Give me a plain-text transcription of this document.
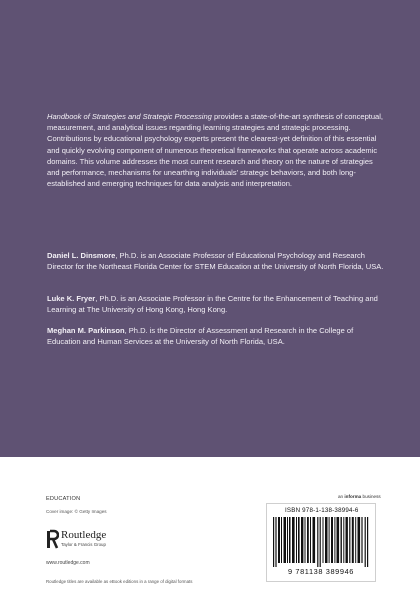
Handbook of Strategies and Strategic Processing provides a state-of-the-art synthesis of conceptual, measurement, and analytical issues regarding learning strategies and strategic processing. Contributions by educational psychology experts present the clearest-yet definition of this essential and quickly evolving component of numerous theoretical frameworks that operate across academic domains. This volume addresses the most current research and theory on the nature of strategies and performance, mechanisms for unearthing individuals’ strategic behaviors, and both long-established and emerging techniques for data analysis and interpretation.

Daniel L. Dinsmore, Ph.D. is an Associate Professor of Educational Psychology and Research Director for the Northeast Florida Center for STEM Education at the University of North Florida, USA.

Luke K. Fryer, Ph.D. is an Associate Professor in the Centre for the Enhancement of Teaching and Learning at The University of Hong Kong, Hong Kong.

Meghan M. Parkinson, Ph.D. is the Director of Assessment and Research in the College of Education and Human Services at the University of North Florida, USA.

EDUCATION

Cover image: © Getty Images

Routledge
Taylor & Francis Group

www.routledge.com

Routledge titles are available as eBook editions in a range of digital formats

an informa business

ISBN 978-1-138-38994-6

9 781138 389946
